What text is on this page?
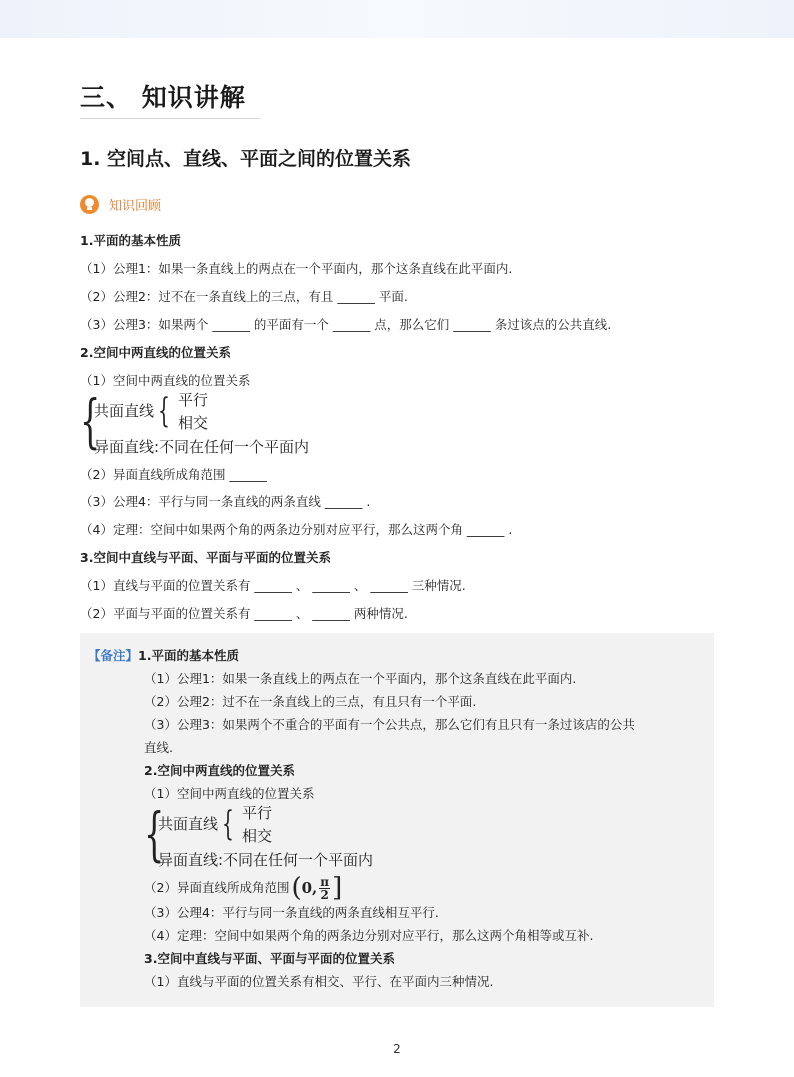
三、 知识讲解
1. 空间点、直线、平面之间的位置关系
知识回顾
1.平面的基本性质
（1）公理1：如果一条直线上的两点在一个平面内，那个这条直线在此平面内.
（2）公理2：过不在一条直线上的三点，有且 ______ 平面.
（3）公理3：如果两个 ______ 的平面有一个 ______ 点，那么它们 ______ 条过该点的公共直线.
2.空间中两直线的位置关系
（1）空间中两直线的位置关系
{
共面直线 { 平行
相交
异面直线:不同在任何一个平面内
（2）异面直线所成角范围 ______
（3）公理4：平行与同一条直线的两条直线 ______ .
（4）定理：空间中如果两个角的两条边分别对应平行，那么这两个角 ______ .
3.空间中直线与平面、平面与平面的位置关系
（1）直线与平面的位置关系有 ______ 、 ______ 、 ______ 三种情况.
（2）平面与平面的位置关系有 ______ 、 ______ 两种情况.
【备注】1.平面的基本性质
（1）公理1：如果一条直线上的两点在一个平面内，那个这条直线在此平面内.
（2）公理2：过不在一条直线上的三点，有且只有一个平面.
（3）公理3：如果两个不重合的平面有一个公共点，那么它们有且只有一条过该店的公共
直线.
2.空间中两直线的位置关系
（1）空间中两直线的位置关系
{
共面直线 { 平行
相交
异面直线:不同在任何一个平面内
（2）异面直线所成角范围 ( 0, $\frac{\pi}{2}$ ]
（3）公理4：平行与同一条直线的两条直线相互平行.
（4）定理：空间中如果两个角的两条边分别对应平行，那么这两个角相等或互补.
3.空间中直线与平面、平面与平面的位置关系
（1）直线与平面的位置关系有相交、平行、在平面内三种情况.
2
